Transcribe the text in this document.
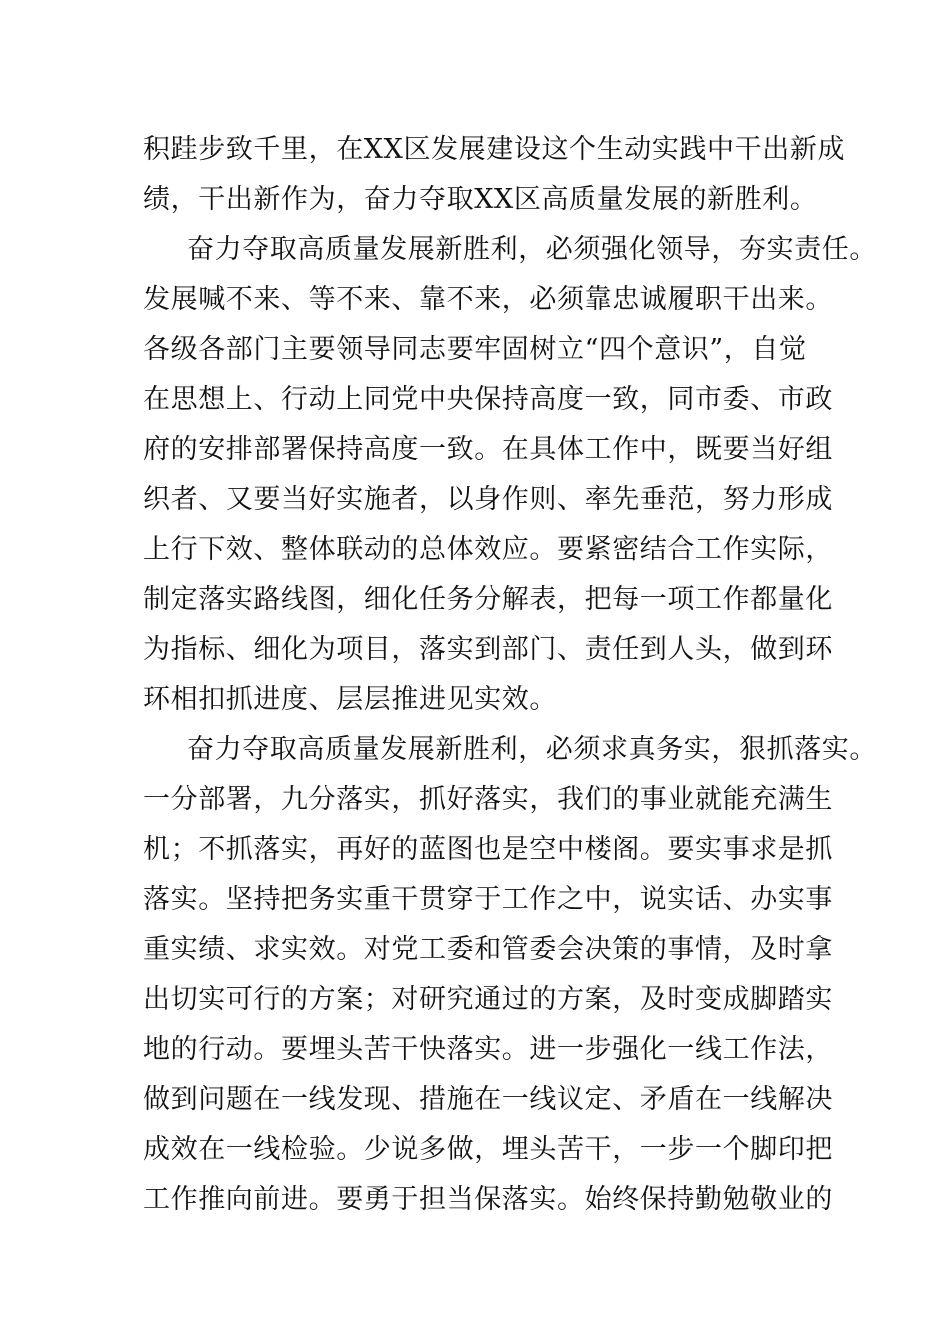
积跬步致千里，在XX区发展建设这个生动实践中干出新成
绩，干出新作为，奋力夺取XX区高质量发展的新胜利。
奋力夺取高质量发展新胜利，必须强化领导，夯实责任。
发展喊不来、等不来、靠不来，必须靠忠诚履职干出来。
各级各部门主要领导同志要牢固树立“四个意识”，自觉
在思想上、行动上同党中央保持高度一致，同市委、市政
府的安排部署保持高度一致。在具体工作中，既要当好组
织者、又要当好实施者，以身作则、率先垂范，努力形成
上行下效、整体联动的总体效应。要紧密结合工作实际，
制定落实路线图，细化任务分解表，把每一项工作都量化
为指标、细化为项目，落实到部门、责任到人头，做到环
环相扣抓进度、层层推进见实效。
奋力夺取高质量发展新胜利，必须求真务实，狠抓落实。
一分部署，九分落实，抓好落实，我们的事业就能充满生
机；不抓落实，再好的蓝图也是空中楼阁。要实事求是抓
落实。坚持把务实重干贯穿于工作之中，说实话、办实事
重实绩、求实效。对党工委和管委会决策的事情，及时拿
出切实可行的方案；对研究通过的方案，及时变成脚踏实
地的行动。要埋头苦干快落实。进一步强化一线工作法，
做到问题在一线发现、措施在一线议定、矛盾在一线解决
成效在一线检验。少说多做，埋头苦干，一步一个脚印把
工作推向前进。要勇于担当保落实。始终保持勤勉敬业的
